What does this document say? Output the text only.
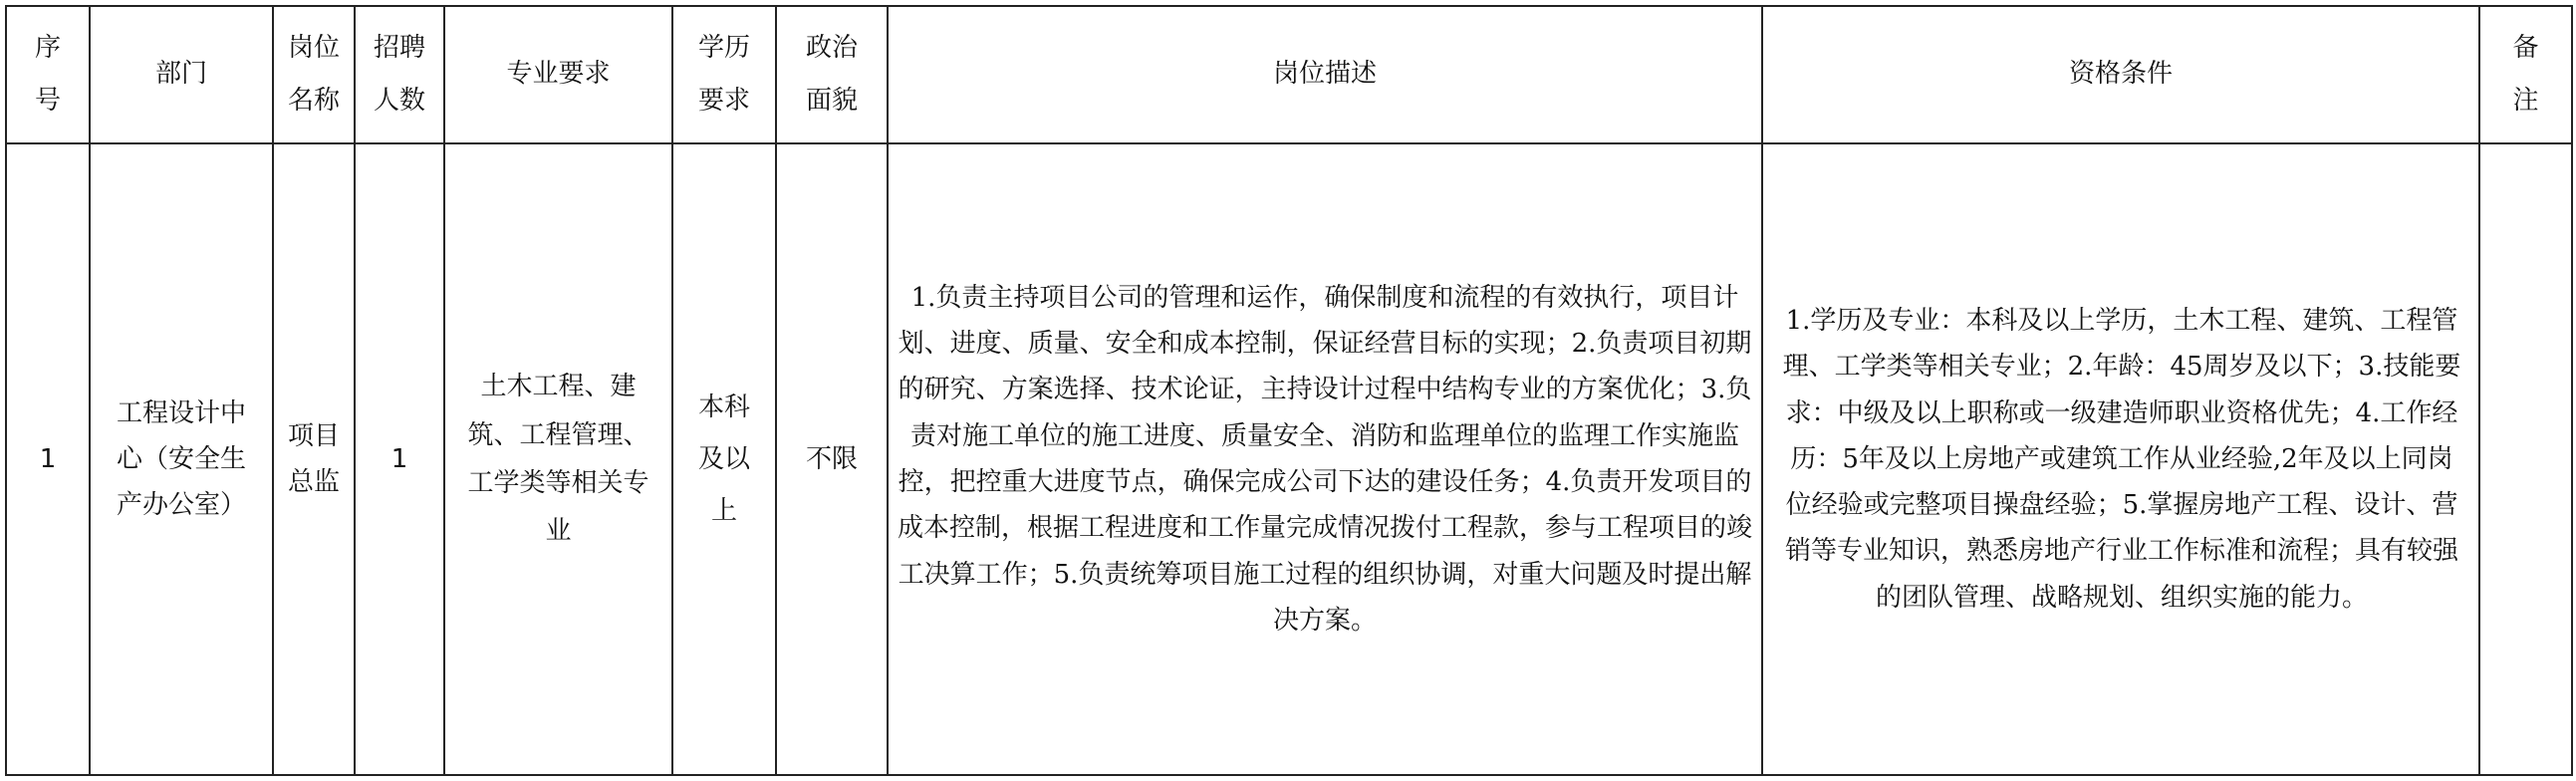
序号	部门	岗位名称	招聘人数	专业要求	学历要求	政治面貌	岗位描述	资格条件	备注
1	工程设计中心（安全生产办公室）	项目总监	1	土木工程、建筑、工程管理、工学类等相关专业	本科及以上	不限	1.负责主持项目公司的管理和运作，确保制度和流程的有效执行，项目计划、进度、质量、安全和成本控制，保证经营目标的实现；2.负责项目初期的研究、方案选择、技术论证，主持设计过程中结构专业的方案优化；3.负责对施工单位的施工进度、质量安全、消防和监理单位的监理工作实施监控，把控重大进度节点，确保完成公司下达的建设任务；4.负责开发项目的成本控制，根据工程进度和工作量完成情况拨付工程款，参与工程项目的竣工决算工作；5.负责统筹项目施工过程的组织协调，对重大问题及时提出解决方案。	1.学历及专业：本科及以上学历，土木工程、建筑、工程管理、工学类等相关专业；2.年龄：45周岁及以下；3.技能要求：中级及以上职称或一级建造师职业资格优先；4.工作经历：5年及以上房地产或建筑工作从业经验,2年及以上同岗位经验或完整项目操盘经验；5.掌握房地产工程、设计、营销等专业知识，熟悉房地产行业工作标准和流程；具有较强的团队管理、战略规划、组织实施的能力。	
